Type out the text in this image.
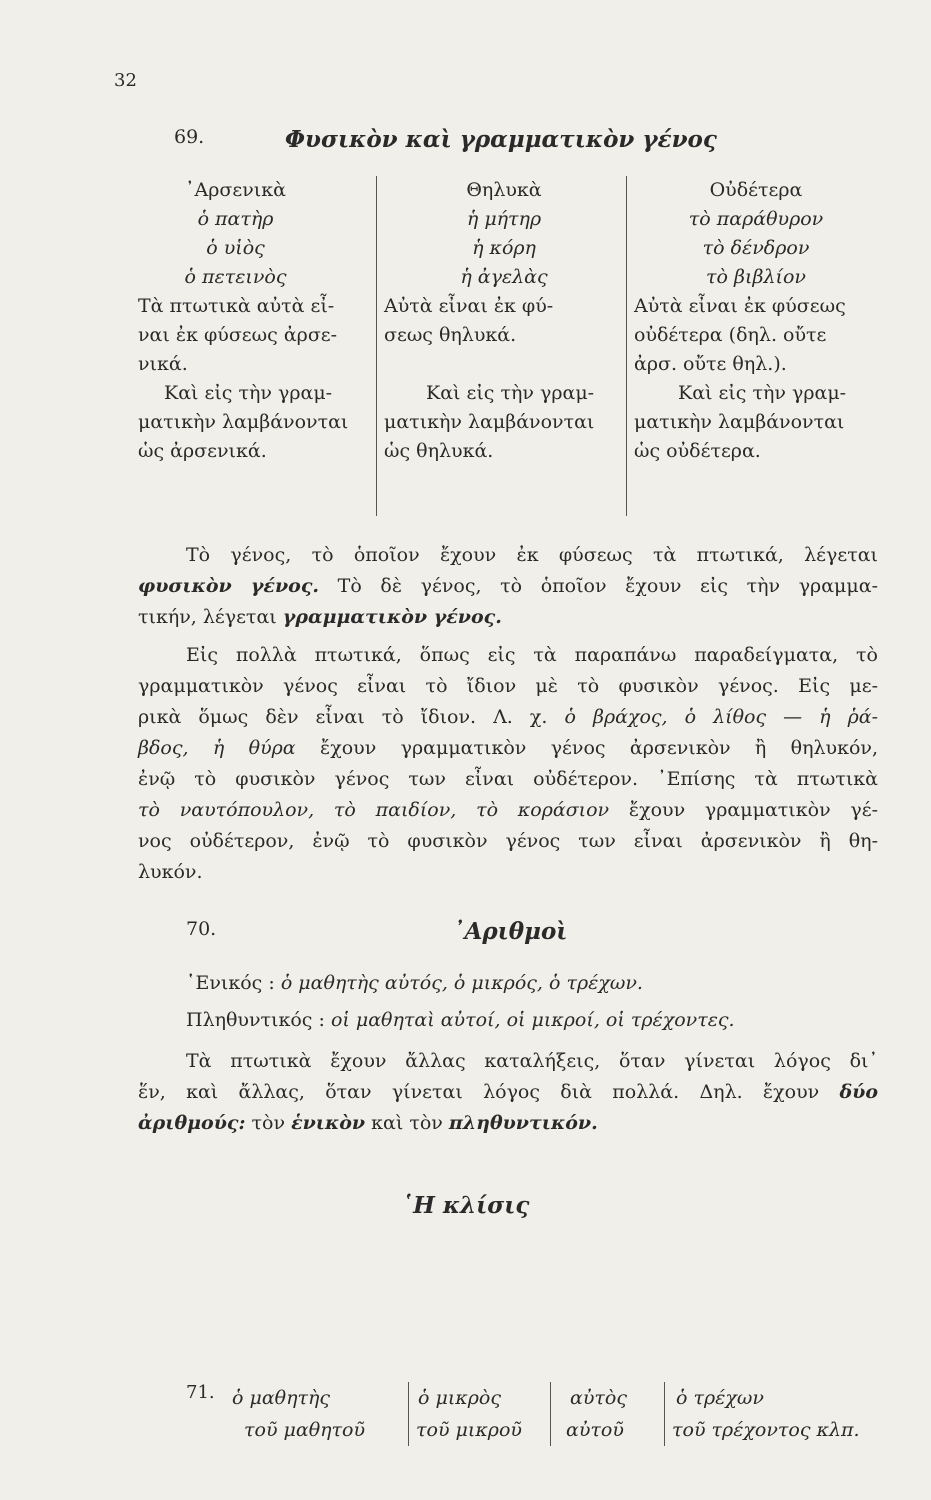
32
69.	Φυσικὸν καὶ γραμματικὸν γένος
᾿Αρσενικὰ
ὁ πατὴρ
ὁ υἱὸς
ὁ πετεινὸς
Τὰ πτωτικὰ αὐτὰ εἶ-
ναι ἐκ φύσεως ἀρσε-
νικά.
Καὶ εἰς τὴν γραμ-
ματικὴν λαμβάνονται
ὡς ἀρσενικά.
Θηλυκὰ
ἡ μήτηρ
ἡ κόρη
ἡ ἀγελὰς
Αὐτὰ εἶναι ἐκ φύ-
σεως θηλυκά.

Καὶ εἰς τὴν γραμ-
ματικὴν λαμβάνονται
ὡς θηλυκά.
Οὐδέτερα
τὸ παράθυρον
τὸ δένδρον
τὸ βιβλίον
Αὐτὰ εἶναι ἐκ φύσεως
οὐδέτερα (δηλ. οὔτε
ἀρσ. οὔτε θηλ.).
Καὶ εἰς τὴν γραμ-
ματικὴν λαμβάνονται
ὡς οὐδέτερα.
Τὸ γένος, τὸ ὁποῖον ἔχουν ἐκ φύσεως τὰ πτωτικά, λέγεται
φυσικὸν γένος. Τὸ δὲ γένος, τὸ ὁποῖον ἔχουν εἰς τὴν γραμμα-
τικήν, λέγεται γραμματικὸν γένος.
Εἰς πολλὰ πτωτικά, ὅπως εἰς τὰ παραπάνω παραδείγματα, τὸ
γραμματικὸν γένος εἶναι τὸ ἴδιον μὲ τὸ φυσικὸν γένος. Εἰς με-
ρικὰ ὅμως δὲν εἶναι τὸ ἴδιον. Λ. χ. ὁ βράχος, ὁ λίθος — ἡ ῥά-
βδος, ἡ θύρα ἔχουν γραμματικὸν γένος ἀρσενικὸν ἢ θηλυκόν,
ἐνῷ τὸ φυσικὸν γένος των εἶναι οὐδέτερον. ᾿Επίσης τὰ πτωτικὰ
τὸ ναυτόπουλον, τὸ παιδίον, τὸ κοράσιον ἔχουν γραμματικὸν γέ-
νος οὐδέτερον, ἐνῷ τὸ φυσικὸν γένος των εἶναι ἀρσενικὸν ἢ θη-
λυκόν.
70.	᾿Αριθμοὶ
῾Ενικός : ὁ μαθητὴς αὐτός, ὁ μικρός, ὁ τρέχων.
Πληθυντικός : οἱ μαθηταὶ αὐτοί, οἱ μικροί, οἱ τρέχοντες.
Τὰ πτωτικὰ ἔχουν ἄλλας καταλήξεις, ὅταν γίνεται λόγος δι᾿
ἕν, καὶ ἄλλας, ὅταν γίνεται λόγος διὰ πολλά. Δηλ. ἔχουν δύο
ἀριθμούς: τὸν ἑνικὸν καὶ τὸν πληθυντικόν.
῾Η κλίσις
71. ὁ μαθητὴς
τοῦ μαθητοῦ
ὁ μικρὸς
τοῦ μικροῦ
αὐτὸς
αὐτοῦ
ὁ τρέχων
τοῦ τρέχοντος κλπ.
